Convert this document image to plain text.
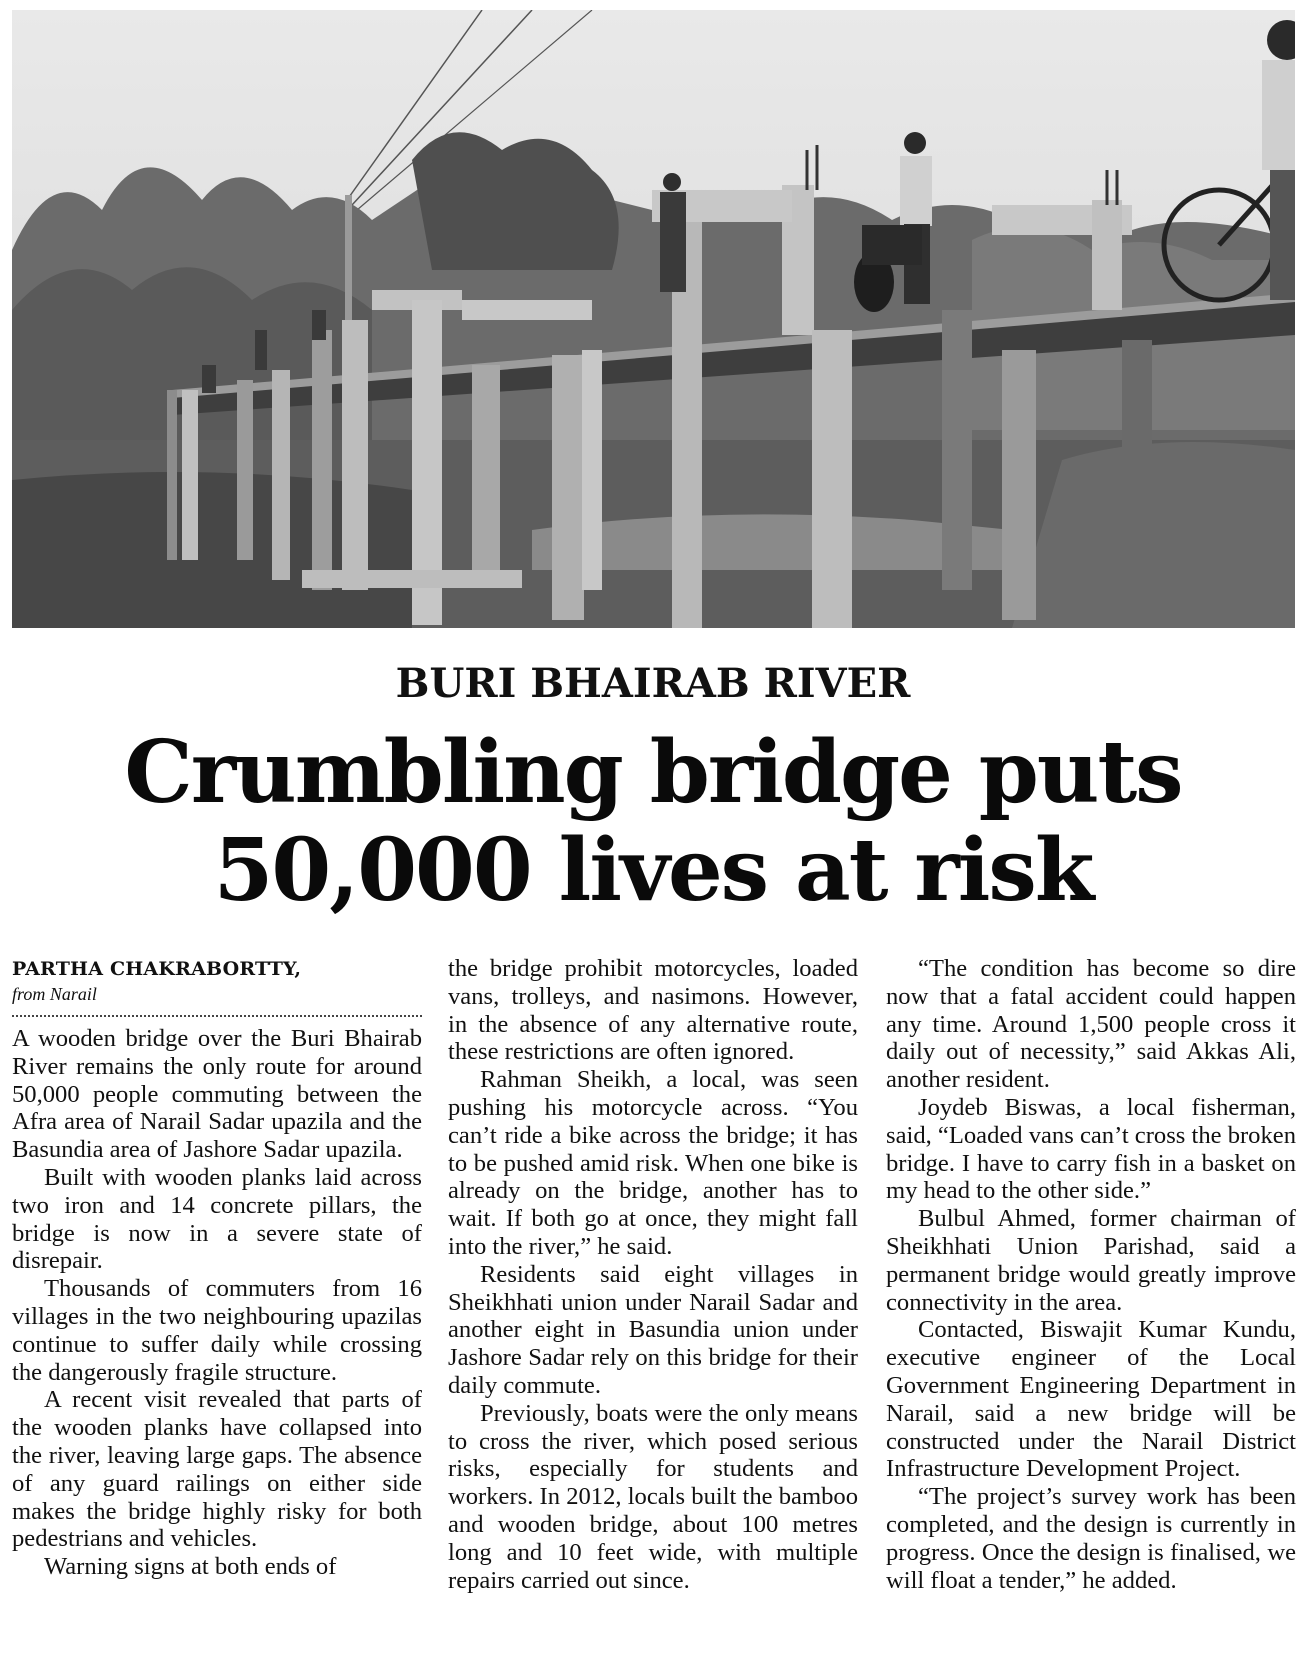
BURI BHAIRAB RIVER
Crumbling bridge puts
50,000 lives at risk
PARTHA CHAKRABORTTY,
from Narail

A wooden bridge over the Buri Bhairab River remains the only route for around 50,000 people commuting between the Afra area of Narail Sadar upazila and the Basundia area of Jashore Sadar upazila.

Built with wooden planks laid across two iron and 14 concrete pillars, the bridge is now in a severe state of disrepair.

Thousands of commuters from 16 villages in the two neighbouring upazilas continue to suffer daily while crossing the dangerously fragile structure.

A recent visit revealed that parts of the wooden planks have collapsed into the river, leaving large gaps. The absence of any guard railings on either side makes the bridge highly risky for both pedestrians and vehicles.

Warning signs at both ends of

the bridge prohibit motorcycles, loaded vans, trolleys, and nasimons. However, in the absence of any alternative route, these restrictions are often ignored.

Rahman Sheikh, a local, was seen pushing his motorcycle across. “You can’t ride a bike across the bridge; it has to be pushed amid risk. When one bike is already on the bridge, another has to wait. If both go at once, they might fall into the river,” he said.

Residents said eight villages in Sheikhhati union under Narail Sadar and another eight in Basundia union under Jashore Sadar rely on this bridge for their daily commute.

Previously, boats were the only means to cross the river, which posed serious risks, especially for students and workers. In 2012, locals built the bamboo and wooden bridge, about 100 metres long and 10 feet wide, with multiple repairs carried out since.

“The condition has become so dire now that a fatal accident could happen any time. Around 1,500 people cross it daily out of necessity,” said Akkas Ali, another resident.

Joydeb Biswas, a local fisherman, said, “Loaded vans can’t cross the broken bridge. I have to carry fish in a basket on my head to the other side.”

Bulbul Ahmed, former chairman of Sheikhhati Union Parishad, said a permanent bridge would greatly improve connectivity in the area.

Contacted, Biswajit Kumar Kundu, executive engineer of the Local Government Engineering Department in Narail, said a new bridge will be constructed under the Narail District Infrastructure Development Project.

“The project’s survey work has been completed, and the design is currently in progress. Once the design is finalised, we will float a tender,” he added.
